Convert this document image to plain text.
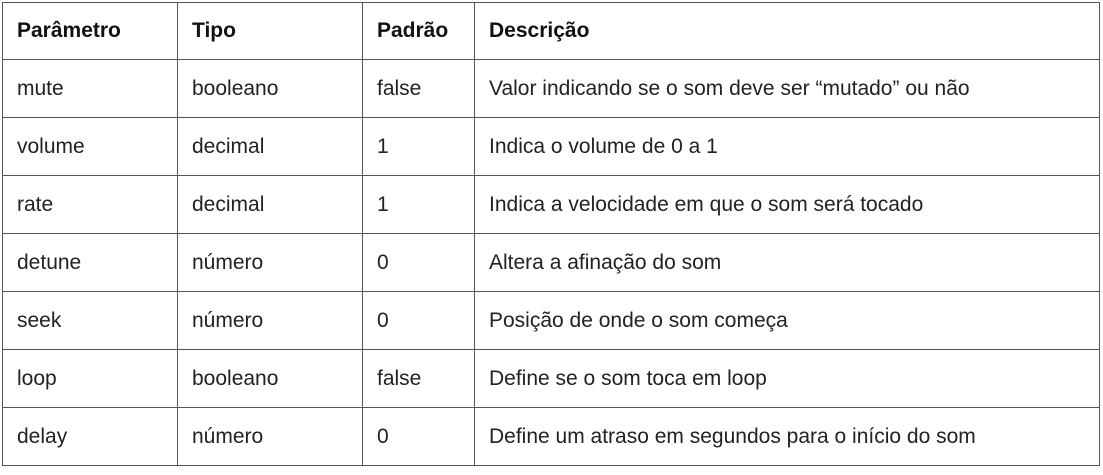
Parâmetro	Tipo	Padrão	Descrição
mute	booleano	false	Valor indicando se o som deve ser “mutado” ou não
volume	decimal	1	Indica o volume de 0 a 1
rate	decimal	1	Indica a velocidade em que o som será tocado
detune	número	0	Altera a afinação do som
seek	número	0	Posição de onde o som começa
loop	booleano	false	Define se o som toca em loop
delay	número	0	Define um atraso em segundos para o início do som
